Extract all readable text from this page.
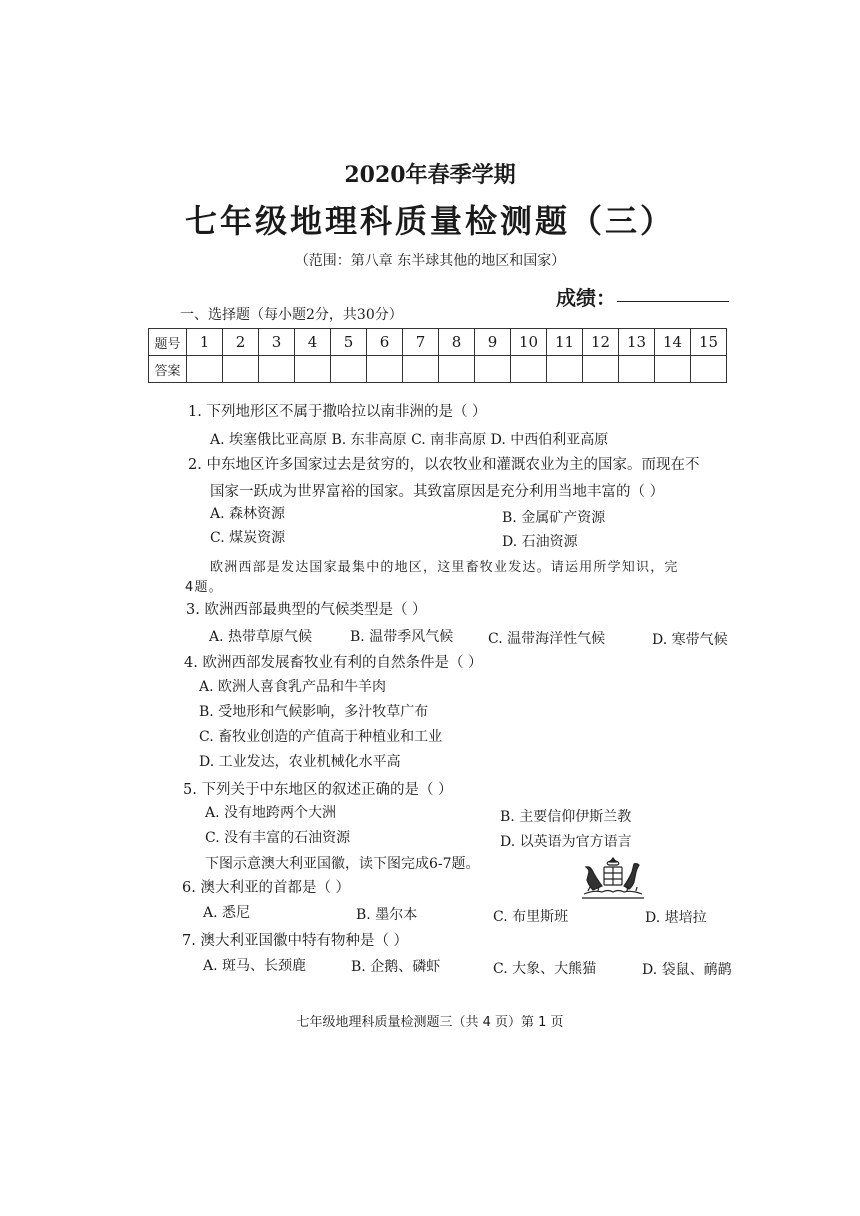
2020年春季学期
七年级地理科质量检测题（三）
（范围：第八章 东半球其他的地区和国家）
成绩：
一、选择题（每小题2分，共30分）
题号	1	2	3	4	5	6	7	8	9	10	11	12	13	14	15
答案															
1. 下列地形区不属于撒哈拉以南非洲的是（ ）
A. 埃塞俄比亚高原 B. 东非高原 C. 南非高原 D. 中西伯利亚高原
2. 中东地区许多国家过去是贫穷的，以农牧业和灌溉农业为主的国家。而现在不
国家一跃成为世界富裕的国家。其致富原因是充分利用当地丰富的（ ）
A. 森林资源	B. 金属矿产资源
C. 煤炭资源	D. 石油资源
欧洲西部是发达国家最集中的地区，这里畜牧业发达。请运用所学知识，完
4题。
3. 欧洲西部最典型的气候类型是（ ）
A. 热带草原气候	B. 温带季风气候 C. 温带海洋性气候	D. 寒带气候
4. 欧洲西部发展畜牧业有利的自然条件是（ ）
A. 欧洲人喜食乳产品和牛羊肉
B. 受地形和气候影响，多汁牧草广布
C. 畜牧业创造的产值高于种植业和工业
D. 工业发达，农业机械化水平高
5. 下列关于中东地区的叙述正确的是（ ）
A. 没有地跨两个大洲	B. 主要信仰伊斯兰教
C. 没有丰富的石油资源	D. 以英语为官方语言
下图示意澳大利亚国徽，读下图完成6-7题。
6. 澳大利亚的首都是（ ）
A. 悉尼	B. 墨尔本	C. 布里斯班	D. 堪培拉
7. 澳大利亚国徽中特有物种是（ ）
A. 斑马、长颈鹿	B. 企鹅、磷虾	C. 大象、大熊猫	D. 袋鼠、鸸鹋
七年级地理科质量检测题三（共 4 页）第 1 页
